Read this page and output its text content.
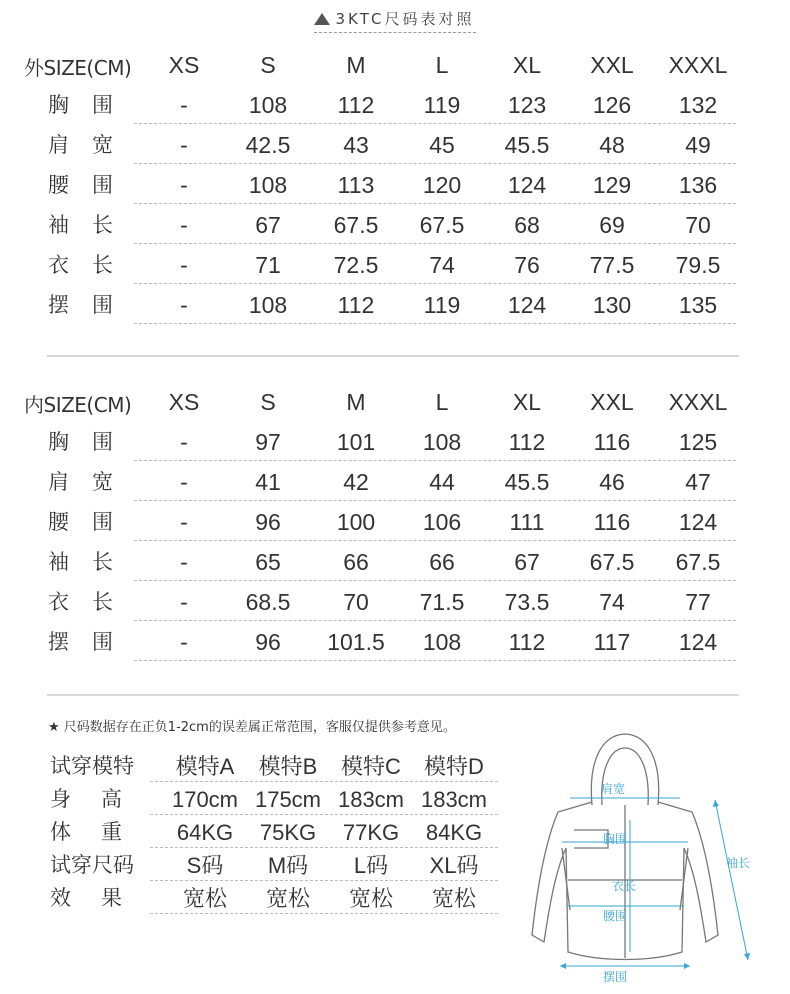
3KTC尺码表对照
外SIZE(CM)	XS	S	M	L	XL	XXL	XXXL
胸围	-	108	112	119	123	126	132
肩宽	-	42.5	43	45	45.5	48	49
腰围	-	108	113	120	124	129	136
袖长	-	67	67.5	67.5	68	69	70
衣长	-	71	72.5	74	76	77.5	79.5
摆围	-	108	112	119	124	130	135
内SIZE(CM)	XS	S	M	L	XL	XXL	XXXL
胸围	-	97	101	108	112	116	125
肩宽	-	41	42	44	45.5	46	47
腰围	-	96	100	106	111	116	124
袖长	-	65	66	66	67	67.5	67.5
衣长	-	68.5	70	71.5	73.5	74	77
摆围	-	96	101.5	108	112	117	124
★ 尺码数据存在正负1-2cm的误差属正常范围，客服仅提供参考意见。
试穿模特	模特A	模特B	模特C	模特D
身高 170cm 175cm 183cm 183cm
体重	64KG	75KG	77KG	84KG
试穿尺码	S码	M码	L码	XL码
效果	宽松	宽松	宽松	宽松
肩宽
胸围
衣长
腰围
摆围
袖长
